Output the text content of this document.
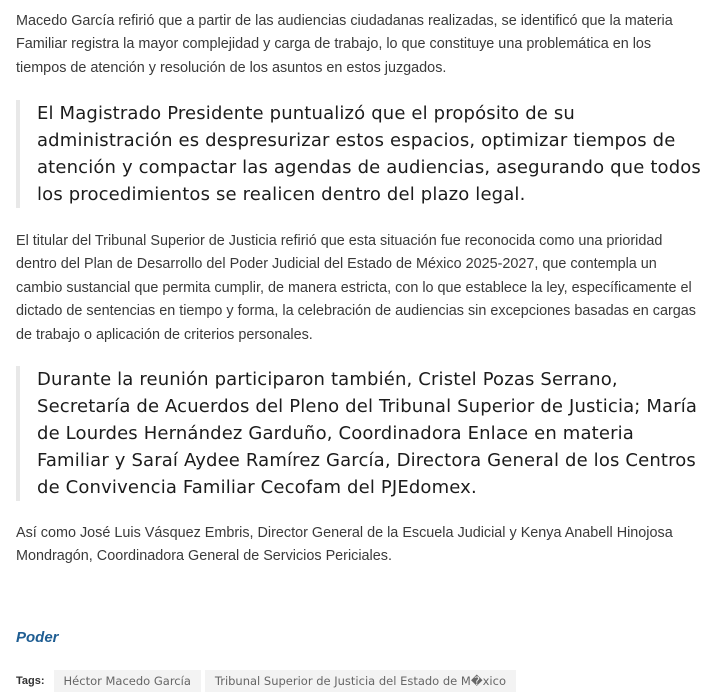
Macedo García refirió que a partir de las audiencias ciudadanas realizadas, se identificó que la materia Familiar registra la mayor complejidad y carga de trabajo, lo que constituye una problemática en los tiempos de atención y resolución de los asuntos en estos juzgados.

El Magistrado Presidente puntualizó que el propósito de su administración es despresurizar estos espacios, optimizar tiempos de atención y compactar las agendas de audiencias, asegurando que todos los procedimientos se realicen dentro del plazo legal.

El titular del Tribunal Superior de Justicia refirió que esta situación fue reconocida como una prioridad dentro del Plan de Desarrollo del Poder Judicial del Estado de México 2025-2027, que contempla un cambio sustancial que permita cumplir, de manera estricta, con lo que establece la ley, específicamente el dictado de sentencias en tiempo y forma, la celebración de audiencias sin excepciones basadas en cargas de trabajo o aplicación de criterios personales.

Durante la reunión participaron también, Cristel Pozas Serrano, Secretaría de Acuerdos del Pleno del Tribunal Superior de Justicia; María de Lourdes Hernández Garduño, Coordinadora Enlace en materia Familiar y Saraí Aydee Ramírez García, Directora General de los Centros de Convivencia Familiar Cecofam del PJEdomex.

Así como José Luis Vásquez Embris, Director General de la Escuela Judicial y Kenya Anabell Hinojosa Mondragón, Coordinadora General de Servicios Periciales.

Poder
Tags:	Héctor Macedo García	Tribunal Superior de Justicia del Estado de M�xico
